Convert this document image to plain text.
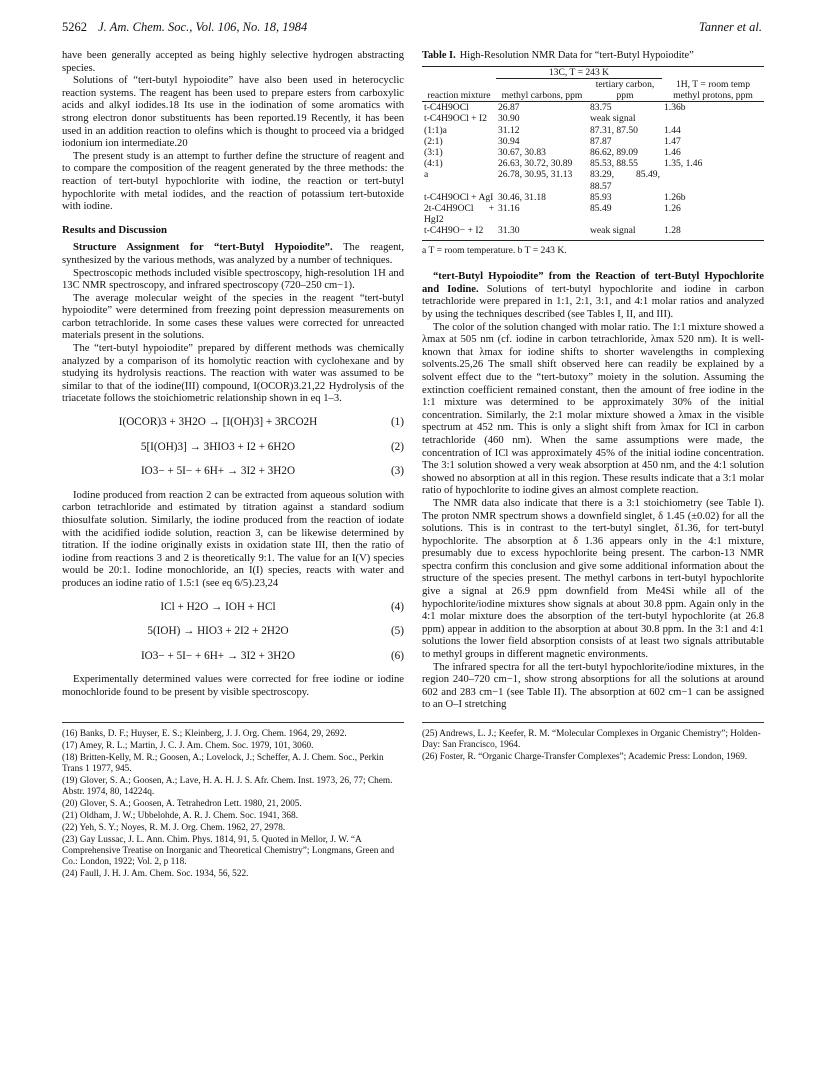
5262 J. Am. Chem. Soc., Vol. 106, No. 18, 1984	Tanner et al.

have been generally accepted as being highly selective hydrogen abstracting species.

Solutions of “tert-butyl hypoiodite” have also been used in heterocyclic reaction systems. The reagent has been used to prepare esters from carboxylic acids and alkyl iodides.18 Its use in the iodination of some aromatics with strong electron donor substituents has been reported.19 Recently, it has been used in an addition reaction to olefins which is thought to proceed via a bridged iodonium ion intermediate.20

The present study is an attempt to further define the structure of reagent and to compare the composition of the reagent generated by the three methods: the reaction of tert-butyl hypochlorite with iodine, the reaction or tert-butyl hypochlorite with metal iodides, and the reaction of potassium tert-butoxide with iodine.

Results and Discussion

Structure Assignment for “tert-Butyl Hypoiodite”. The reagent, synthesized by the various methods, was analyzed by a number of techniques.

Spectroscopic methods included visible spectroscopy, high-resolution 1H and 13C NMR spectroscopy, and infrared spectroscopy (720–250 cm−1).

The average molecular weight of the species in the reagent “tert-butyl hypoiodite” were determined from freezing point depression measurements on carbon tetrachloride. In some cases these values were corrected for unreacted materials present in the solutions.

The “tert-butyl hypoiodite” prepared by different methods was chemically analyzed by a comparison of its homolytic reaction with cyclohexane and by studying its hydrolysis reactions. The reaction with water was assumed to be similar to that of the iodine(III) compound, I(OCOR)3.21,22 Hydrolysis of the triacetate follows the stoichiometric relationship shown in eq 1–3.

I(OCOR)3 + 3H2O → [I(OH)3] + 3RCO2H	(1)
5[I(OH)3] → 3HIO3 + I2 + 6H2O	(2)
IO3− + 5I− + 6H+ → 3I2 + 3H2O	(3)

Iodine produced from reaction 2 can be extracted from aqueous solution with carbon tetrachloride and estimated by titration against a standard sodium thiosulfate solution. Similarly, the iodine produced from the reaction of iodate with the acidified iodide solution, reaction 3, can be likewise determined by titration. If the iodine originally exists in oxidation state III, then the ratio of iodine from reactions 3 and 2 is theoretically 9:1. The value for an I(V) species would be 20:1. Iodine monochloride, an I(I) species, reacts with water and produces an iodine ratio of 1.5:1 (see eq 6/5).23,24

ICl + H2O → IOH + HCl	(4)
5(IOH) → HIO3 + 2I2 + 2H2O	(5)
IO3− + 5I− + 6H+ → 3I2 + 3H2O	(6)

Experimentally determined values were corrected for free iodine or iodine monochloride found to be present by visible spectroscopy.

(16) Banks, D. F.; Huyser, E. S.; Kleinberg, J. J. Org. Chem. 1964, 29, 2692.
(17) Amey, R. L.; Martin, J. C. J. Am. Chem. Soc. 1979, 101, 3060.
(18) Britten-Kelly, M. R.; Goosen, A.; Lovelock, J.; Scheffer, A. J. Chem. Soc., Perkin Trans 1 1977, 945.
(19) Glover, S. A.; Goosen, A.; Lave, H. A. H. J. S. Afr. Chem. Inst. 1973, 26, 77; Chem. Abstr. 1974, 80, 14224q.
(20) Glover, S. A.; Goosen, A. Tetrahedron Lett. 1980, 21, 2005.
(21) Oldham, J. W.; Ubbelohde, A. R. J. Chem. Soc. 1941, 368.
(22) Yeh, S. Y.; Noyes, R. M. J. Org. Chem. 1962, 27, 2978.
(23) Gay Lussac, J. L. Ann. Chim. Phys. 1814, 91, 5. Quoted in Mellor, J. W. “A Comprehensive Treatise on Inorganic and Theoretical Chemistry”; Longmans, Green and Co.: London, 1922; Vol. 2, p 118.
(24) Faull, J. H. J. Am. Chem. Soc. 1934, 56, 522.
Table I. High-Resolution NMR Data for “tert-Butyl Hypoiodite”
	13C, T = 243 K		
reaction mixture	methyl carbons, ppm	tertiary carbon, ppm	1H, T = room temp methyl protons, ppm
t-C4H9OCl	26.87	83.75	1.36b
t-C4H9OCl + I2	30.90	weak signal	
(1:1)a	31.12	87.31, 87.50	1.44
(2:1)	30.94	87.87	1.47
(3:1)	30.67, 30.83	86.62, 89.09	1.46
(4:1)	26.63, 30.72, 30.89	85.53, 88.55	1.35, 1.46
a	26.78, 30.95, 31.13	83.29, 85.49, 88.57	
t-C4H9OCl + AgI	30.46, 31.18	85.93	1.26b
2t-C4H9OCl + HgI2	31.16	85.49	1.26
t-C4H9O− + I2	31.30	weak signal	1.28

a T = room temperature. b T = 243 K.

“tert-Butyl Hypoiodite” from the Reaction of tert-Butyl Hypochlorite and Iodine. Solutions of tert-butyl hypochlorite and iodine in carbon tetrachloride were prepared in 1:1, 2:1, 3:1, and 4:1 molar ratios and analyzed by using the techniques described (see Tables I, II, and III).

The color of the solution changed with molar ratio. The 1:1 mixture showed a λmax at 505 nm (cf. iodine in carbon tetrachloride, λmax 520 nm). It is well-known that λmax for iodine shifts to shorter wavelengths in complexing solvents.25,26 The small shift observed here can readily be explained by a solvent effect due to the “tert-butoxy” moiety in the solution. Assuming the extinction coefficient remained constant, then the amount of free iodine in the 1:1 mixture was determined to be approximately 30% of the initial concentration. Similarly, the 2:1 molar mixture showed a λmax in the visible spectrum at 452 nm. This is only a slight shift from λmax for ICl in carbon tetrachloride (460 nm). When the same assumptions were made, the concentration of ICl was approximately 45% of the initial iodine concentration. The 3:1 solution showed a very weak absorption at 450 nm, and the 4:1 solution showed no absorption at all in this region. These results indicate that a 3:1 molar ratio of hypochlorite to iodine gives an almost complete reaction.

The NMR data also indicate that there is a 3:1 stoichiometry (see Table I). The proton NMR spectrum shows a downfield singlet, δ 1.45 (±0.02) for all the solutions. This is in contrast to the tert-butyl singlet, δ1.36, for tert-butyl hypochlorite. The absorption at δ 1.36 appears only in the 4:1 mixture, presumably due to excess hypochlorite being present. The carbon-13 NMR spectra confirm this conclusion and give some additional information about the structure of the species present. The methyl carbons in tert-butyl hypochlorite give a signal at 26.9 ppm downfield from Me4Si while all of the hypochlorite/iodine mixtures show signals at about 30.8 ppm. Again only in the 4:1 molar mixture does the absorption of the tert-butyl hypochlorite (at 26.8 ppm) appear in addition to the absorption at about 30.8 ppm. In the 3:1 and 4:1 solutions the lower field absorption consists of at least two signals attributable to methyl groups in different magnetic environments.

The infrared spectra for all the tert-butyl hypochlorite/iodine mixtures, in the region 240–720 cm−1, show strong absorptions for all the solutions at around 602 and 283 cm−1 (see Table II). The absorption at 602 cm−1 can be assigned to an O–I stretching

(25) Andrews, L. J.; Keefer, R. M. “Molecular Complexes in Organic Chemistry”; Holden-Day: San Francisco, 1964.
(26) Foster, R. “Organic Charge-Transfer Complexes”; Academic Press: London, 1969.
